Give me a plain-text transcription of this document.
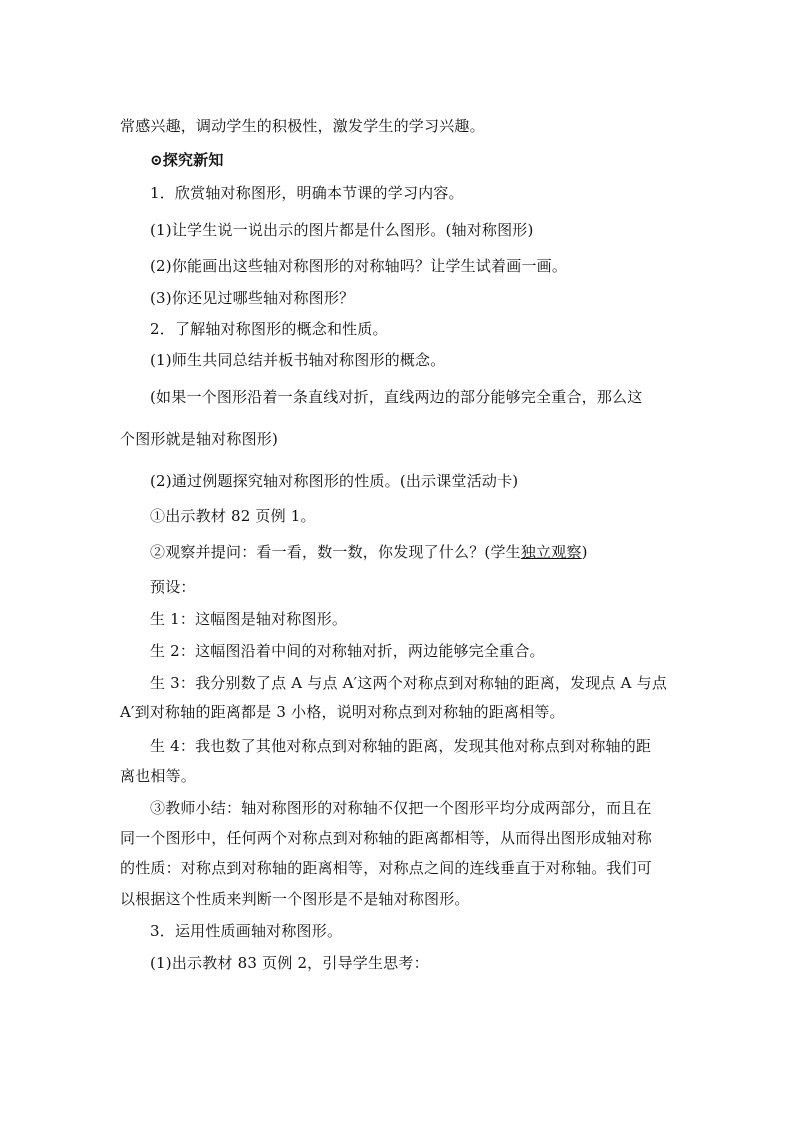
常感兴趣，调动学生的积极性，激发学生的学习兴趣。
⊙探究新知
1．欣赏轴对称图形，明确本节课的学习内容。
(1)让学生说一说出示的图片都是什么图形。(轴对称图形)
(2)你能画出这些轴对称图形的对称轴吗？让学生试着画一画。
(3)你还见过哪些轴对称图形？
2．了解轴对称图形的概念和性质。
(1)师生共同总结并板书轴对称图形的概念。
(如果一个图形沿着一条直线对折，直线两边的部分能够完全重合，那么这
个图形就是轴对称图形)
(2)通过例题探究轴对称图形的性质。(出示课堂活动卡)
①出示教材 82 页例 1。
②观察并提问：看一看，数一数，你发现了什么？(学生独立观察)
预设：
生 1：这幅图是轴对称图形。
生 2：这幅图沿着中间的对称轴对折，两边能够完全重合。
生 3：我分别数了点 A 与点 A′这两个对称点到对称轴的距离，发现点 A 与点
A′到对称轴的距离都是 3 小格，说明对称点到对称轴的距离相等。
生 4：我也数了其他对称点到对称轴的距离，发现其他对称点到对称轴的距
离也相等。
③教师小结：轴对称图形的对称轴不仅把一个图形平均分成两部分，而且在
同一个图形中，任何两个对称点到对称轴的距离都相等，从而得出图形成轴对称
的性质：对称点到对称轴的距离相等，对称点之间的连线垂直于对称轴。我们可
以根据这个性质来判断一个图形是不是轴对称图形。
3．运用性质画轴对称图形。
(1)出示教材 83 页例 2，引导学生思考：
